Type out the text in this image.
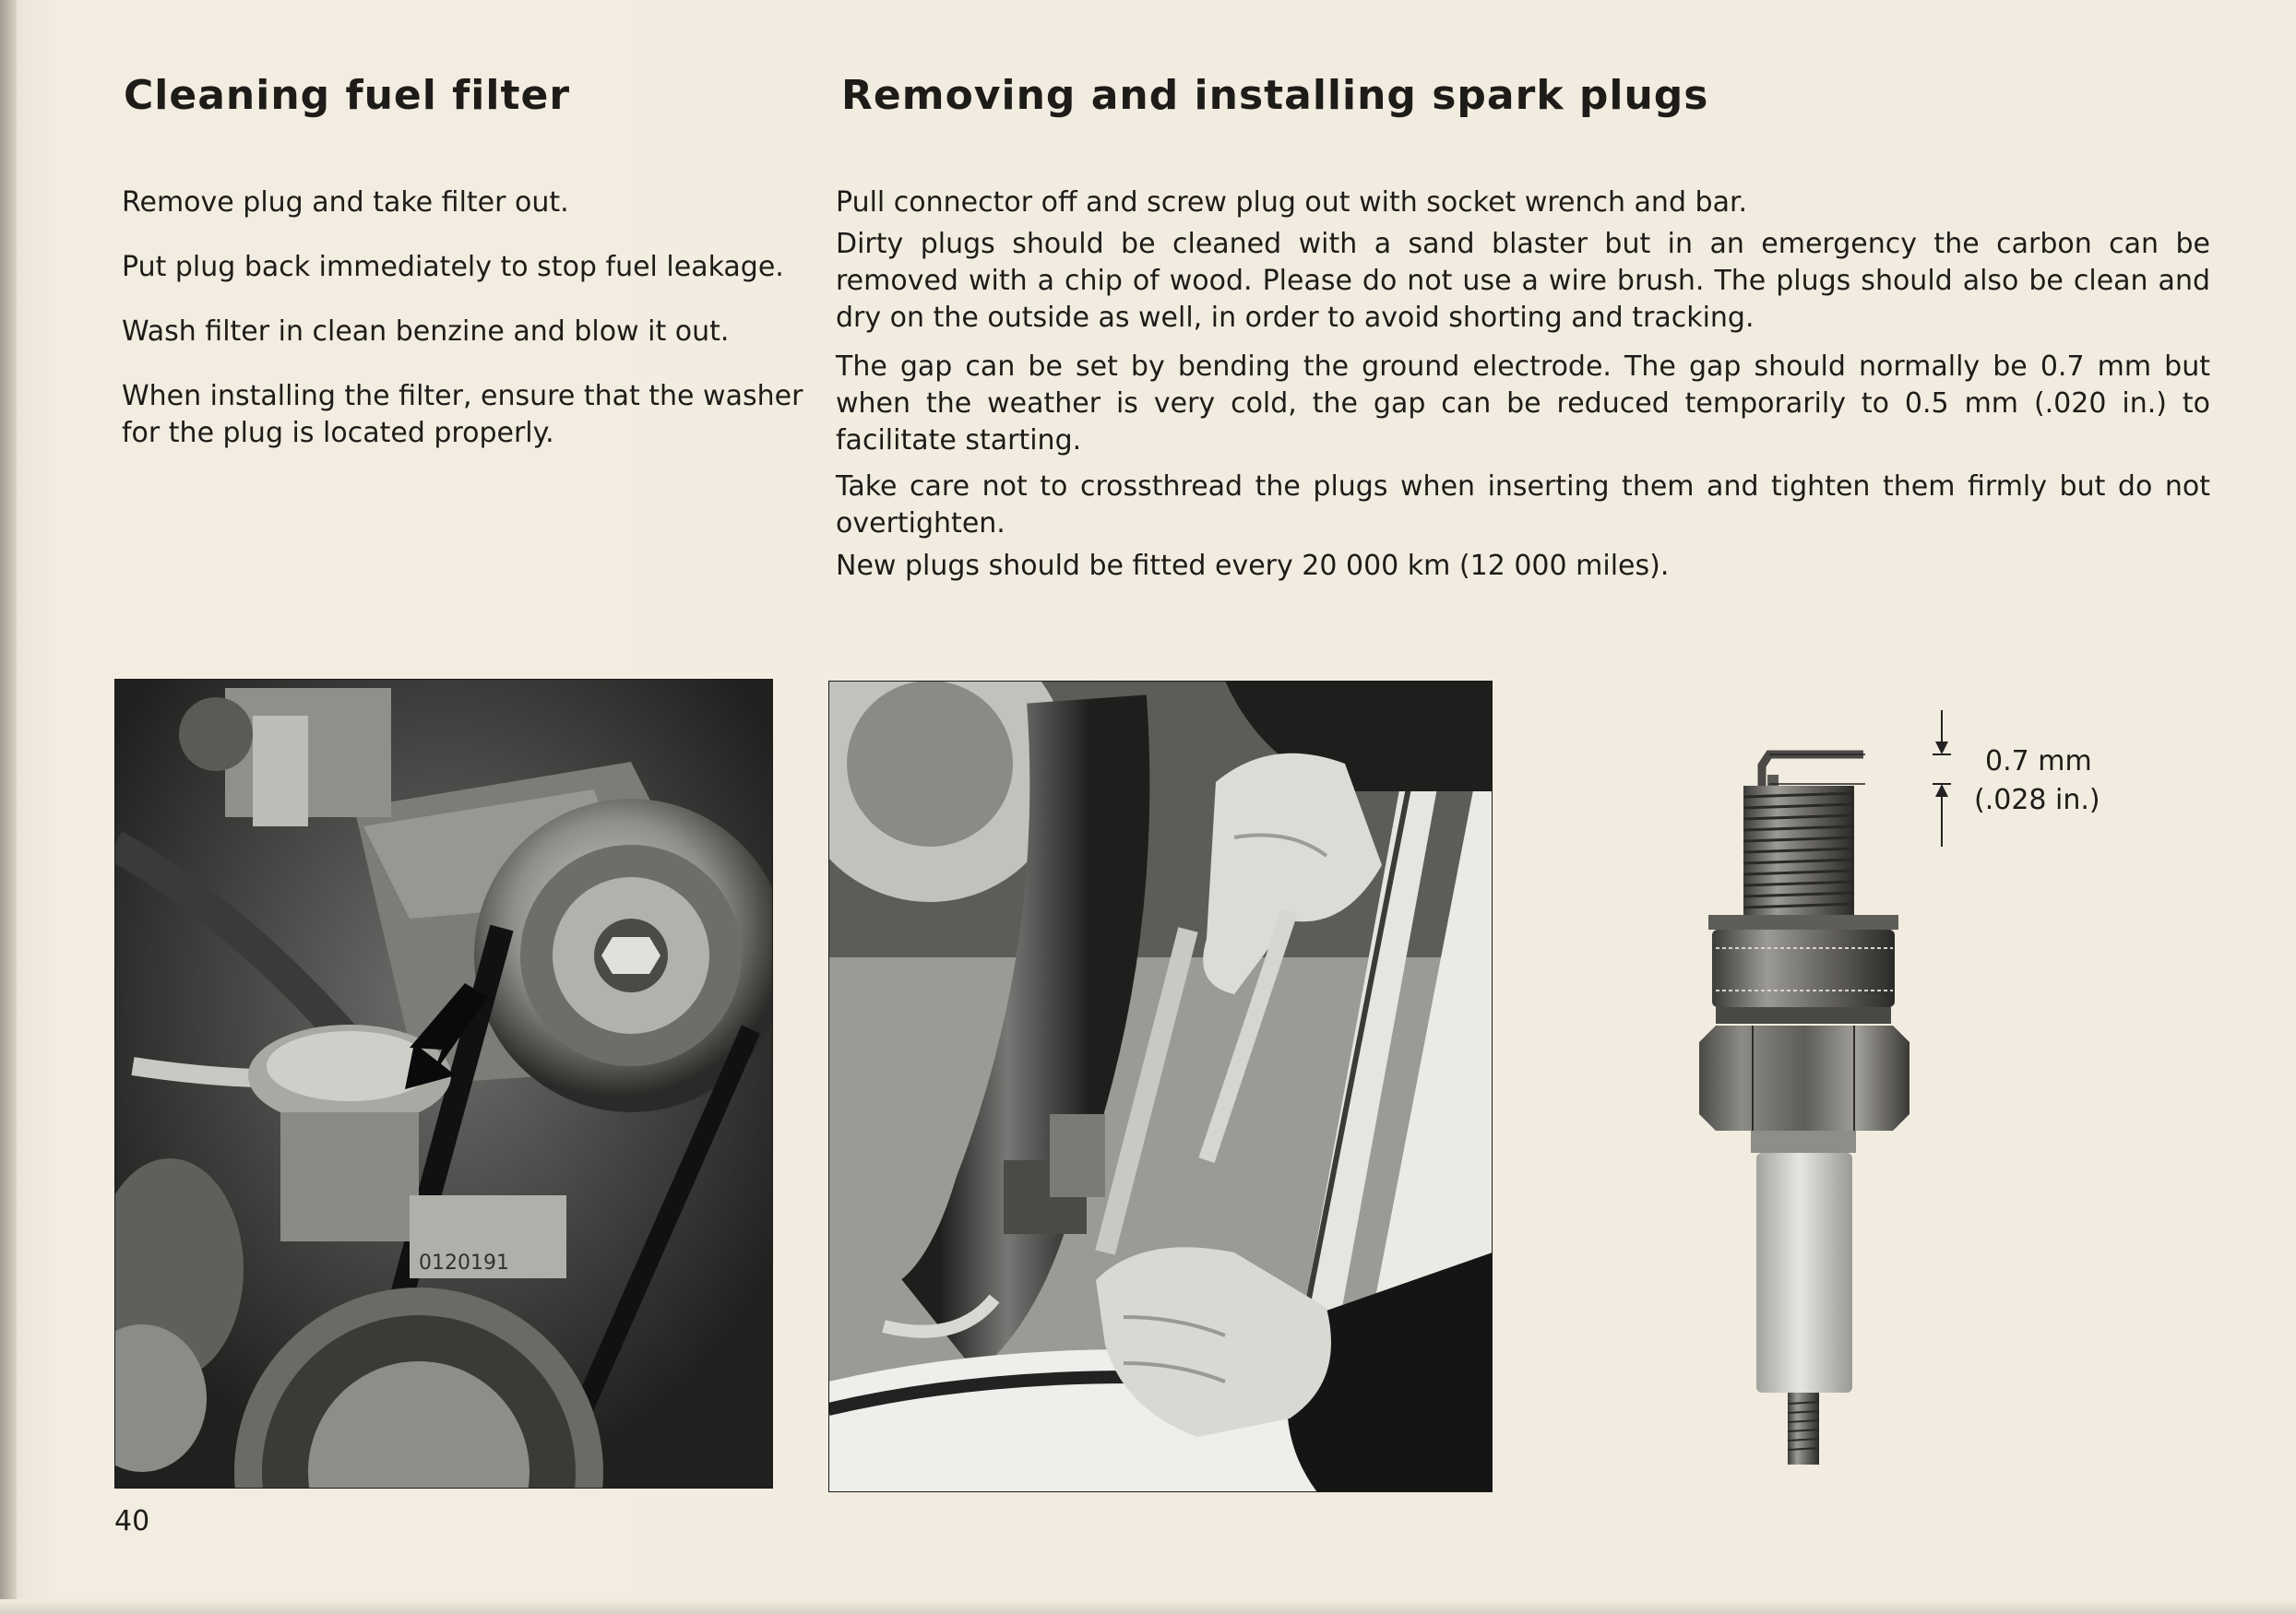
Cleaning fuel filter

Remove plug and take filter out.

Put plug back immediately to stop fuel leakage.

Wash filter in clean benzine and blow it out.

When installing the filter, ensure that the washer for the plug is located properly.

Removing and installing spark plugs

Pull connector off and screw plug out with socket wrench and bar.

Dirty plugs should be cleaned with a sand blaster but in an emergency the carbon can be removed with a chip of wood. Please do not use a wire brush. The plugs should also be clean and dry on the outside as well, in order to avoid shorting and tracking.

The gap can be set by bending the ground electrode. The gap should normally be 0.7 mm but when the weather is very cold, the gap can be reduced temporarily to 0.5 mm (.020 in.) to facilitate starting.

Take care not to crossthread the plugs when inserting them and tighten them firmly but do not overtighten.

New plugs should be fitted every 20 000 km (12 000 miles).

0120191
0.7 mm
(.028 in.)
40
